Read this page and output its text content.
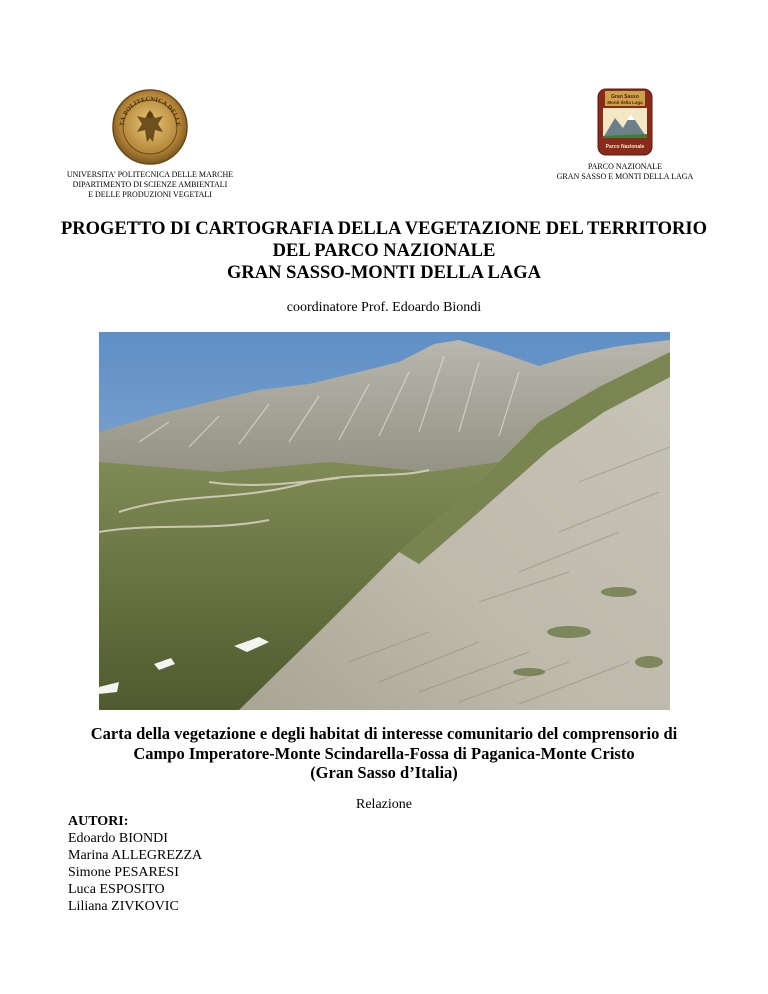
TÀ POLITECNICA DELLE
UNIVERSITA' POLITECNICA DELLE MARCHE
DIPARTIMENTO DI SCIENZE AMBIENTALI
E DELLE PRODUZIONI VEGETALI
Gran Sasso
Monti della Laga
Parco Nazionale
PARCO NAZIONALE
GRAN SASSO E MONTI DELLA LAGA
PROGETTO DI CARTOGRAFIA DELLA VEGETAZIONE DEL TERRITORIO
DEL PARCO NAZIONALE
GRAN SASSO-MONTI DELLA LAGA
coordinatore Prof. Edoardo Biondi
Carta della vegetazione e degli habitat di interesse comunitario del comprensorio di
Campo Imperatore-Monte Scindarella-Fossa di Paganica-Monte Cristo
(Gran Sasso d’Italia)
Relazione
AUTORI:
Edoardo BIONDI
Marina ALLEGREZZA
Simone PESARESI
Luca ESPOSITO
Liliana ZIVKOVIC
